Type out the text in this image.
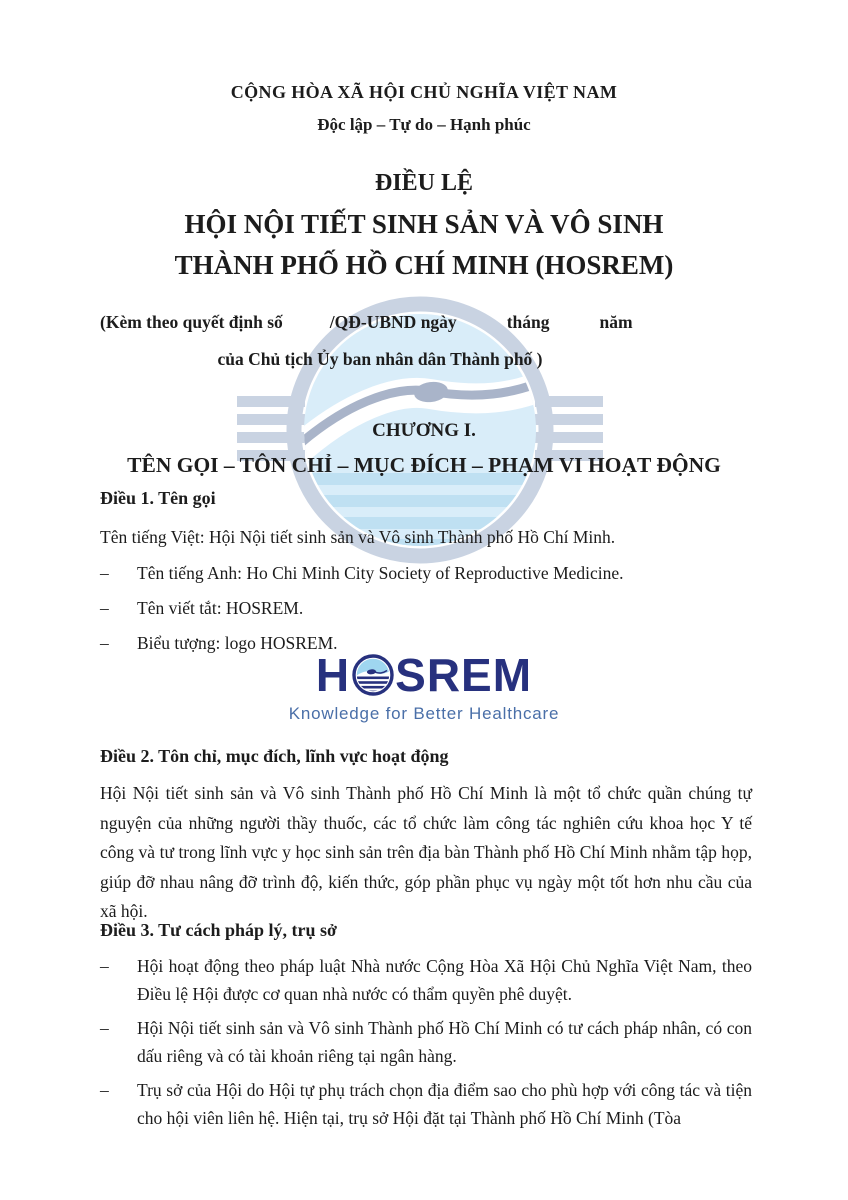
CỘNG HÒA XÃ HỘI CHỦ NGHĨA VIỆT NAM
Độc lập – Tự do – Hạnh phúc
ĐIỀU LỆ
HỘI NỘI TIẾT SINH SẢN VÀ VÔ SINH
THÀNH PHỐ HỒ CHÍ MINH (HOSREM)
(Kèm theo quyết định số	/QĐ-UBND ngày	tháng	năm
của Chủ tịch Ủy ban nhân dân Thành phố )
CHƯƠNG I.
TÊN GỌI – TÔN CHỈ – MỤC ĐÍCH – PHẠM VI HOẠT ĐỘNG
Điều 1. Tên gọi
Tên tiếng Việt: Hội Nội tiết sinh sản và Vô sinh Thành phố Hồ Chí Minh.
– Tên tiếng Anh: Ho Chi Minh City Society of Reproductive Medicine.
– Tên viết tắt: HOSREM.
– Biểu tượng: logo HOSREM.
H SREM
Knowledge for Better Healthcare
Điều 2. Tôn chỉ, mục đích, lĩnh vực hoạt động
Hội Nội tiết sinh sản và Vô sinh Thành phố Hồ Chí Minh là một tổ chức quần chúng tự nguyện của những người thầy thuốc, các tổ chức làm công tác nghiên cứu khoa học Y tế công và tư trong lĩnh vực y học sinh sản trên địa bàn Thành phố Hồ Chí Minh nhằm tập họp, giúp đỡ nhau nâng đỡ trình độ, kiến thức, góp phần phục vụ ngày một tốt hơn nhu cầu của xã hội.
Điều 3. Tư cách pháp lý, trụ sở
– Hội hoạt động theo pháp luật Nhà nước Cộng Hòa Xã Hội Chủ Nghĩa Việt Nam, theo Điều lệ Hội được cơ quan nhà nước có thẩm quyền phê duyệt.
– Hội Nội tiết sinh sản và Vô sinh Thành phố Hồ Chí Minh có tư cách pháp nhân, có con dấu riêng và có tài khoản riêng tại ngân hàng.
– Trụ sở của Hội do Hội tự phụ trách chọn địa điểm sao cho phù hợp với công tác và tiện cho hội viên liên hệ. Hiện tại, trụ sở Hội đặt tại Thành phố Hồ Chí Minh (Tòa
